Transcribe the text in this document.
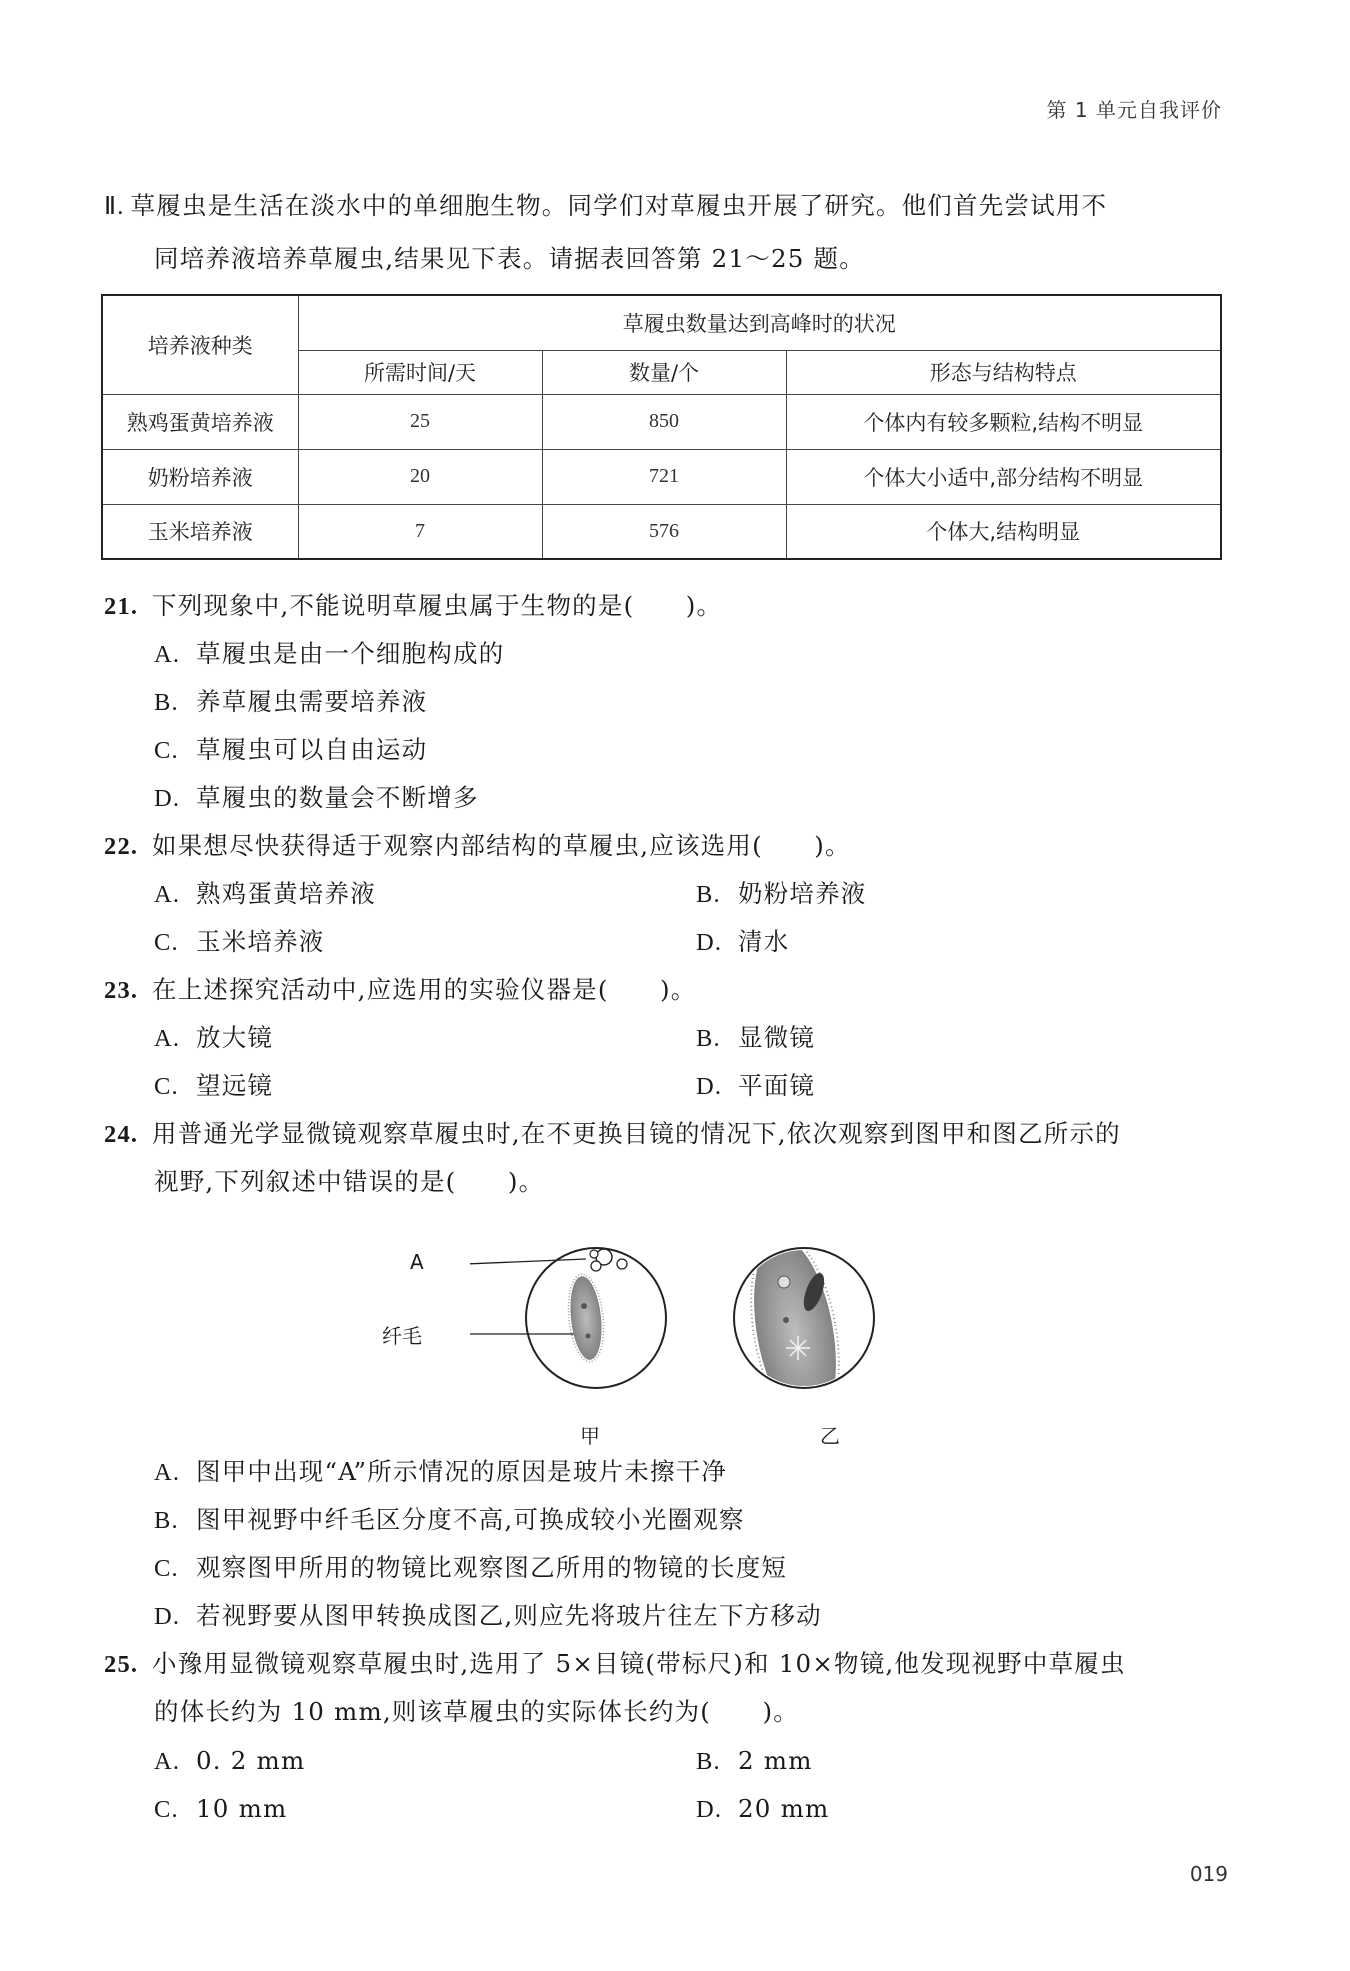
第 1 单元自我评价
Ⅱ. 草履虫是生活在淡水中的单细胞生物。同学们对草履虫开展了研究。他们首先尝试用不
同培养液培养草履虫,结果见下表。请据表回答第 21～25 题。
培养液种类	草履虫数量达到高峰时的状况		
	所需时间/天	数量/个	形态与结构特点
熟鸡蛋黄培养液	25	850	个体内有较多颗粒,结构不明显
奶粉培养液	20	721	个体大小适中,部分结构不明显
玉米培养液	7	576	个体大,结构明显
21. 下列现象中,不能说明草履虫属于生物的是(　　)。
A. 草履虫是由一个细胞构成的
B. 养草履虫需要培养液
C. 草履虫可以自由运动
D. 草履虫的数量会不断增多
22. 如果想尽快获得适于观察内部结构的草履虫,应该选用(　　)。
A. 熟鸡蛋黄培养液	B. 奶粉培养液
C. 玉米培养液	D. 清水
23. 在上述探究活动中,应选用的实验仪器是(　　)。
A. 放大镜	B. 显微镜
C. 望远镜	D. 平面镜
24. 用普通光学显微镜观察草履虫时,在不更换目镜的情况下,依次观察到图甲和图乙所示的
视野,下列叙述中错误的是(　　)。
A
纤毛
甲	乙
A. 图甲中出现“A”所示情况的原因是玻片未擦干净
B. 图甲视野中纤毛区分度不高,可换成较小光圈观察
C. 观察图甲所用的物镜比观察图乙所用的物镜的长度短
D. 若视野要从图甲转换成图乙,则应先将玻片往左下方移动
25. 小豫用显微镜观察草履虫时,选用了 5×目镜(带标尺)和 10×物镜,他发现视野中草履虫
的体长约为 10 mm,则该草履虫的实际体长约为(　　)。
A. 0. 2 mm	B. 2 mm
C. 10 mm	D. 20 mm
019
